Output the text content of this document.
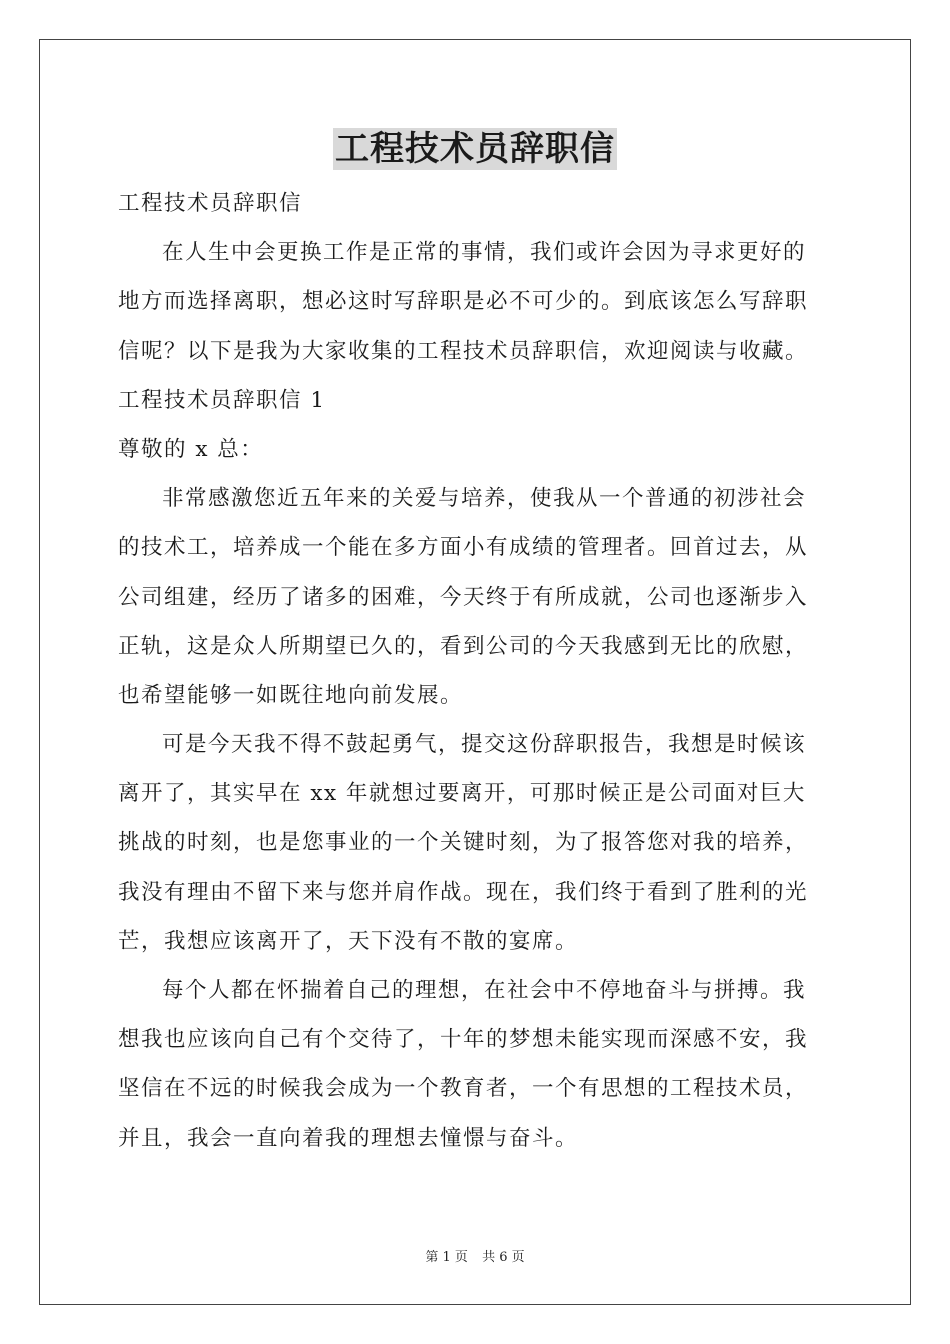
工程技术员辞职信
工程技术员辞职信
在人生中会更换工作是正常的事情，我们或许会因为寻求更好的
地方而选择离职，想必这时写辞职是必不可少的。到底该怎么写辞职
信呢？以下是我为大家收集的工程技术员辞职信，欢迎阅读与收藏。
工程技术员辞职信 1
尊敬的 x 总：
非常感激您近五年来的关爱与培养，使我从一个普通的初涉社会
的技术工，培养成一个能在多方面小有成绩的管理者。回首过去，从
公司组建，经历了诸多的困难，今天终于有所成就，公司也逐渐步入
正轨，这是众人所期望已久的，看到公司的今天我感到无比的欣慰，
也希望能够一如既往地向前发展。
可是今天我不得不鼓起勇气，提交这份辞职报告，我想是时候该
离开了，其实早在 xx 年就想过要离开，可那时候正是公司面对巨大
挑战的时刻，也是您事业的一个关键时刻，为了报答您对我的培养，
我没有理由不留下来与您并肩作战。现在，我们终于看到了胜利的光
芒，我想应该离开了，天下没有不散的宴席。
每个人都在怀揣着自己的理想，在社会中不停地奋斗与拼搏。我
想我也应该向自己有个交待了，十年的梦想未能实现而深感不安，我
坚信在不远的时候我会成为一个教育者，一个有思想的工程技术员，
并且，我会一直向着我的理想去憧憬与奋斗。
第 1 页 共 6 页
